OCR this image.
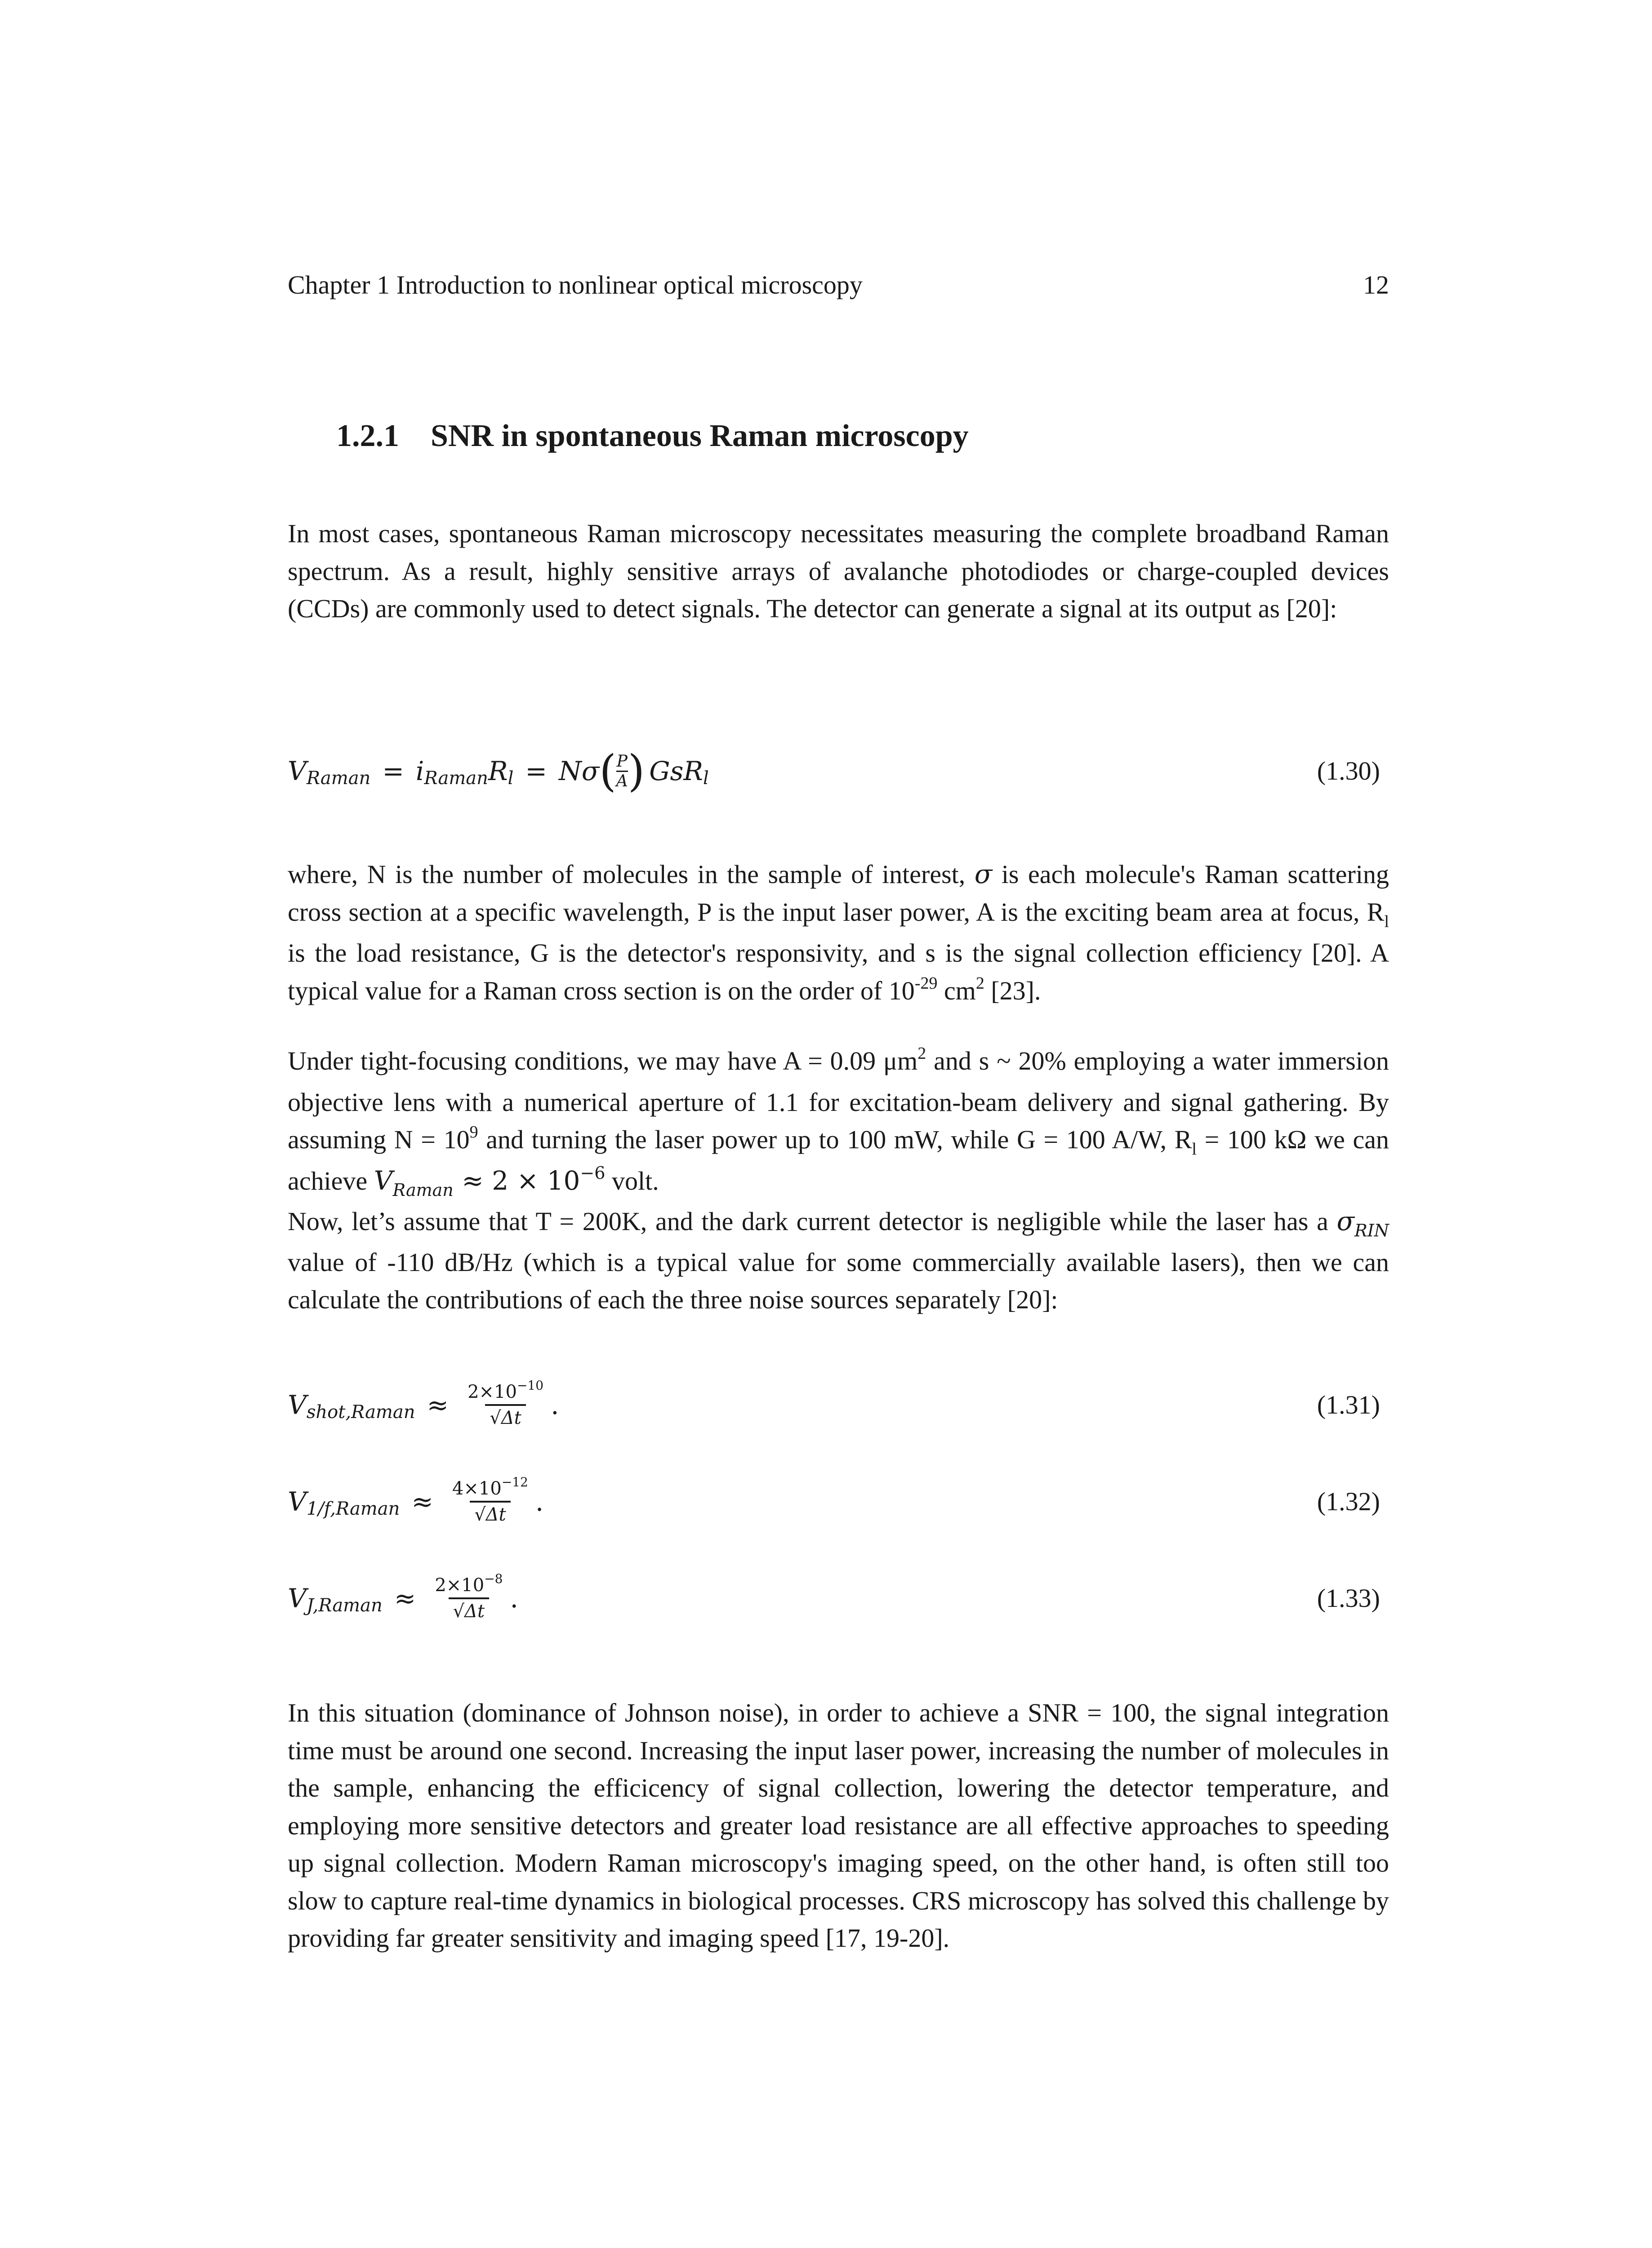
Chapter 1 Introduction to nonlinear optical microscopy	12
1.2.1 SNR in spontaneous Raman microscopy

In most cases, spontaneous Raman microscopy necessitates measuring the complete broadband Raman spectrum. As a result, highly sensitive arrays of avalanche photodiodes or charge-coupled devices (CCDs) are commonly used to detect signals. The detector can generate a signal at its output as [20]:

V Raman = i Raman R l = Nσ ( $\frac{P}{A}$ ) GsR l	(1.30)

where, N is the number of molecules in the sample of interest, σ is each molecule's Raman scattering cross section at a specific wavelength, P is the input laser power, A is the exciting beam area at focus, $R_l$ is the load resistance, G is the detector's responsivity, and s is the signal collection efficiency [20]. A typical value for a Raman cross section is on the order of $10^{-29}$ $cm^2$ [23].

Under tight-focusing conditions, we may have A = 0.09 $\mu m^2$ and s ~ 20% employing a water immersion objective lens with a numerical aperture of 1.1 for excitation-beam delivery and signal gathering. By assuming $N = 10^9$ and turning the laser power up to 100 mW, while G = 100 A/W, $R_l = 100$ kΩ we can achieve $V_{Raman} \approx 2 \times 10^{-6}$ volt.
Now, let’s assume that T = 200K, and the dark current detector is negligible while the laser has a $\sigma_{RIN}$ value of -110 dB/Hz (which is a typical value for some commercially available lasers), then we can calculate the contributions of each the three noise sources separately [20]:

V shot,Raman ≈ $\frac{2\times 10^{-10}}{√\Delta t}$ .	(1.31)
V 1/f,Raman ≈ $\frac{4\times 10^{-12}}{√\Delta t}$ .	(1.32)
V J,Raman ≈ $\frac{2\times 10^{-8}}{√\Delta t}$ .	(1.33)

In this situation (dominance of Johnson noise), in order to achieve a SNR = 100, the signal integration time must be around one second. Increasing the input laser power, increasing the number of molecules in the sample, enhancing the efficicency of signal collection, lowering the detector temperature, and employing more sensitive detectors and greater load resistance are all effective approaches to speeding up signal collection. Modern Raman microscopy's imaging speed, on the other hand, is often still too slow to capture real-time dynamics in biological processes. CRS microscopy has solved this challenge by providing far greater sensitivity and imaging speed [17, 19-20].
